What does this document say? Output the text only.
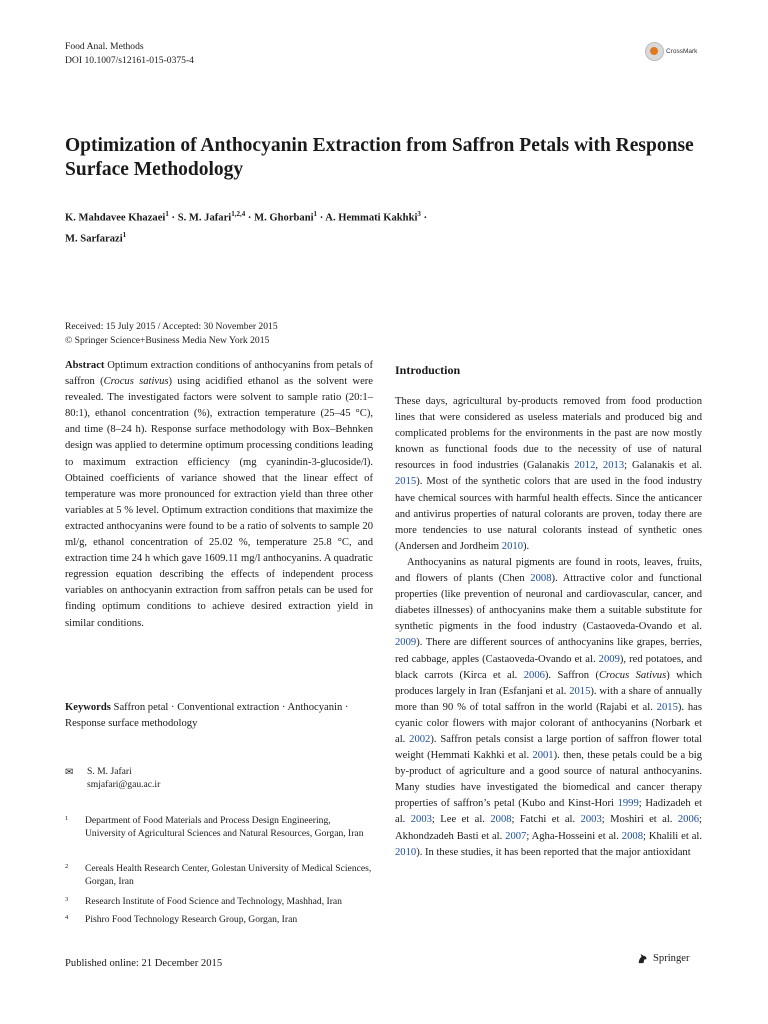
Food Anal. Methods
DOI 10.1007/s12161-015-0375-4
CrossMark
Optimization of Anthocyanin Extraction from Saffron Petals with Response Surface Methodology
K. Mahdavee Khazaei$^1$ · S. M. Jafari$^{1,2,4}$ · M. Ghorbani$^1$ · A. Hemmati Kakhki$^3$ ·
M. Sarfarazi$^1$
Received: 15 July 2015 / Accepted: 30 November 2015
© Springer Science+Business Media New York 2015
Abstract Optimum extraction conditions of anthocyanins from petals of saffron (Crocus sativus) using acidified ethanol as the solvent were revealed. The investigated factors were solvent to sample ratio (20:1–80:1), ethanol concentration (%), extraction temperature (25–45 °C), and time (8–24 h). Response surface methodology with Box–Behnken design was applied to determine optimum processing conditions leading to maximum extraction efficiency (mg cyanindin-3-glucoside/l). Obtained coefficients of variance showed that the linear effect of temperature was more pronounced for extraction yield than three other variables at 5 % level. Optimum extraction conditions that maximize the extracted anthocyanins were found to be a ratio of solvents to sample 20 ml/g, ethanol concentration of 25.02 %, temperature 25.8 °C, and extraction time 24 h which gave 1609.11 mg/l anthocyanins. A quadratic regression equation describing the effects of independent process variables on anthocyanin extraction from saffron petals can be used for finding optimum conditions to achieve desired extraction yield in similar conditions.
Keywords Saffron petal · Conventional extraction · Anthocyanin · Response surface methodology
✉ S. M. Jafari
smjafari@gau.ac.ir
1 Department of Food Materials and Process Design Engineering, University of Agricultural Sciences and Natural Resources, Gorgan, Iran
2 Cereals Health Research Center, Golestan University of Medical Sciences, Gorgan, Iran
3 Research Institute of Food Science and Technology, Mashhad, Iran
4 Pishro Food Technology Research Group, Gorgan, Iran
Introduction

These days, agricultural by-products removed from food production lines that were considered as useless materials and produced big and complicated problems for the environments in the past are now mostly known as functional foods due to the necessity of use of natural resources in food industries (Galanakis 2012, 2013; Galanakis et al. 2015). Most of the synthetic colors that are used in the food industry have chemical sources with harmful health effects. Since the anticancer and antivirus properties of natural colorants are proven, today there are more tendencies to use natural colorants instead of synthetic ones (Andersen and Jordheim 2010).

Anthocyanins as natural pigments are found in roots, leaves, fruits, and flowers of plants (Chen 2008). Attractive color and functional properties (like prevention of neuronal and cardiovascular, cancer, and diabetes illnesses) of anthocyanins make them a suitable substitute for synthetic pigments in the food industry (Castaoveda-Ovando et al. 2009). There are different sources of anthocyanins like grapes, berries, red cabbage, apples (Castaoveda-Ovando et al. 2009), red potatoes, and black carrots (Kirca et al. 2006). Saffron (Crocus Sativus) which produces largely in Iran (Esfanjani et al. 2015). with a share of annually more than 90 % of total saffron in the world (Rajabi et al. 2015). has cyanic color flowers with major colorant of anthocyanins (Norbark et al. 2002). Saffron petals consist a large portion of saffron flower total weight (Hemmati Kakhki et al. 2001). then, these petals could be a big by-product of agriculture and a good source of natural anthocyanins. Many studies have investigated the biomedical and cancer therapy properties of saffron’s petal (Kubo and Kinst-Hori 1999; Hadizadeh et al. 2003; Lee et al. 2008; Fatchi et al. 2003; Moshiri et al. 2006; Akhondzadeh Basti et al. 2007; Agha-Hosseini et al. 2008; Khalili et al. 2010). In these studies, it has been reported that the major antioxidant

Published online: 21 December 2015	Springer
